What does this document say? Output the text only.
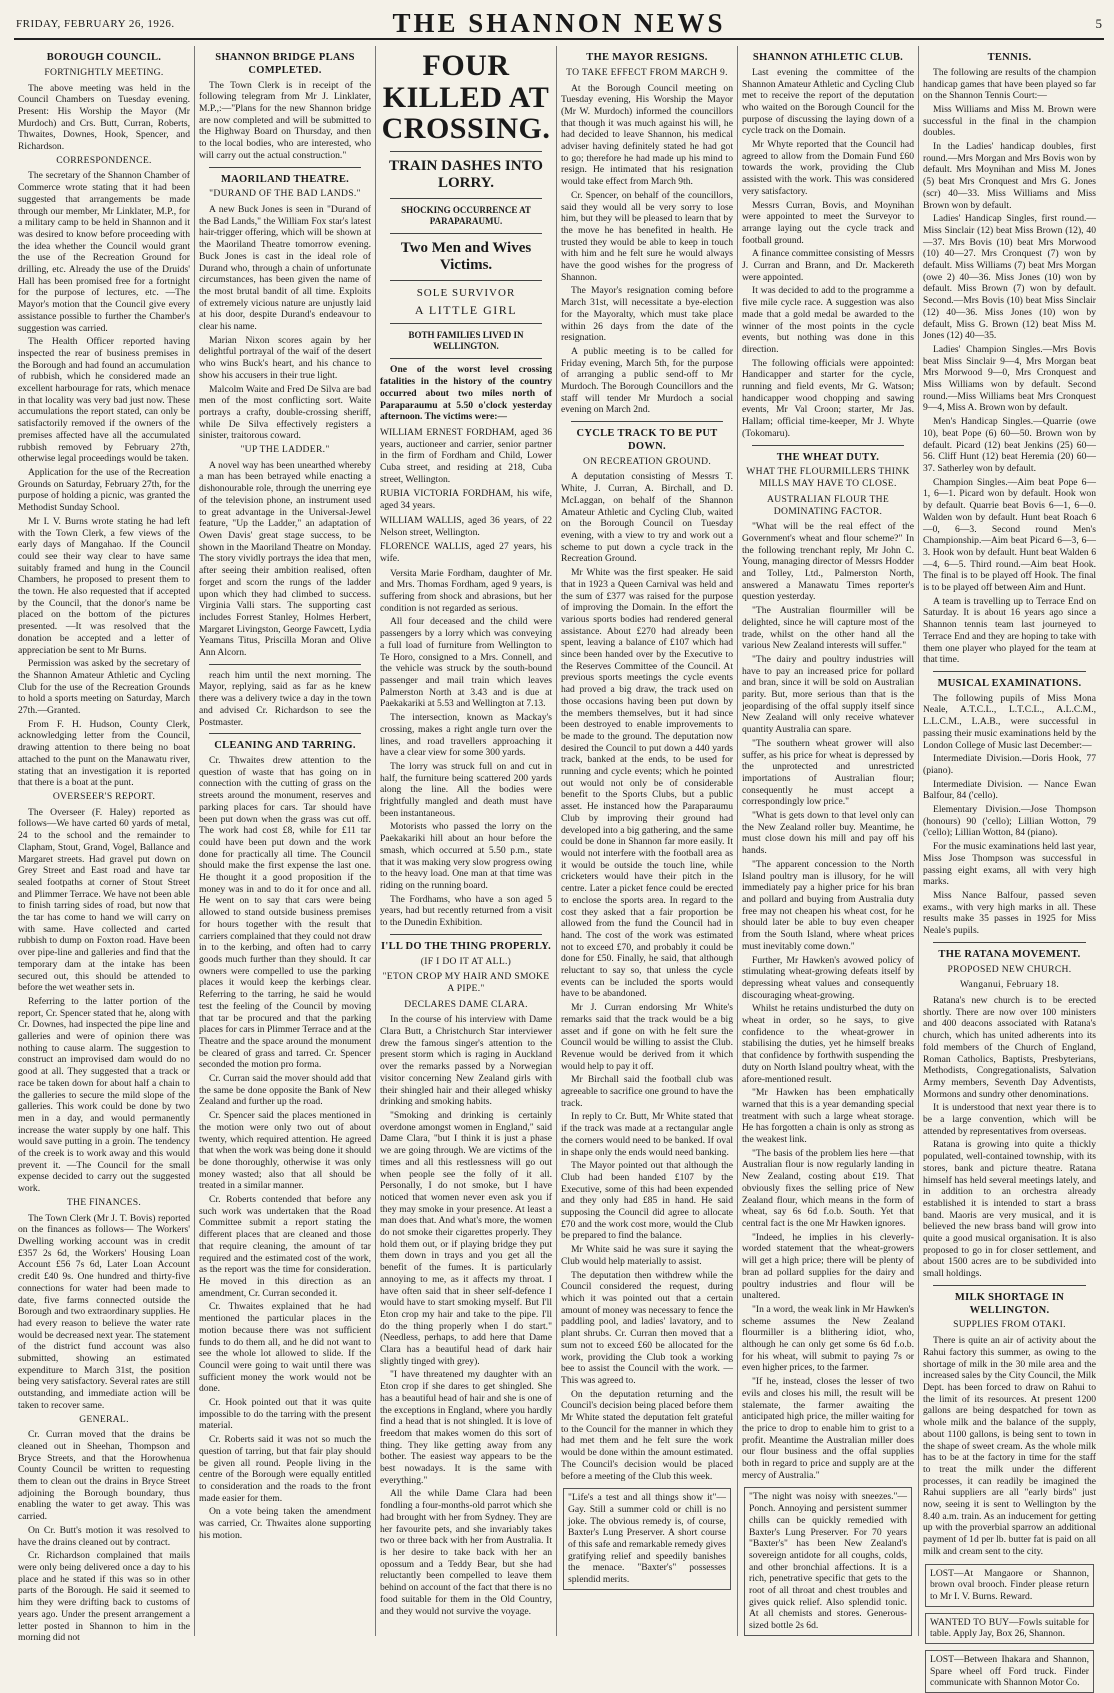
FRIDAY, FEBRUARY 26, 1926.	THE SHANNON NEWS	5
BOROUGH COUNCIL.
FORTNIGHTLY MEETING.

The above meeting was held in the Council Chambers on Tuesday evening. Present: His Worship the Mayor (Mr Murdoch) and Crs. Butt, Curran, Roberts, Thwaites, Downes, Hook, Spencer, and Richardson.

CORRESPONDENCE.

The secretary of the Shannon Chamber of Commerce wrote stating that it had been suggested that arrangements be made through our member, Mr Linklater, M.P., for a military camp to be held in Shannon and it was desired to know before proceeding with the idea whether the Council would grant the use of the Recreation Ground for drilling, etc. Already the use of the Druids' Hall has been promised free for a fortnight for the purpose of lectures, etc. —The Mayor's motion that the Council give every assistance possible to further the Chamber's suggestion was carried.

The Health Officer reported having inspected the rear of business premises in the Borough and had found an accumulation of rubbish, which he considered made an excellent harbourage for rats, which menace in that locality was very bad just now. These accumulations the report stated, can only be satisfactorily removed if the owners of the premises affected have all the accumulated rubbish removed by February 27th, otherwise legal proceedings would be taken.

Application for the use of the Recreation Grounds on Saturday, February 27th, for the purpose of holding a picnic, was granted the Methodist Sunday School.

Mr I. V. Burns wrote stating he had left with the Town Clerk, a few views of the early days of Mangahao. If the Council could see their way clear to have same suitably framed and hung in the Council Chambers, he proposed to present them to the town. He also requested that if accepted by the Council, that the donor's name be placed on the bottom of the pictures presented. —It was resolved that the donation be accepted and a letter of appreciation be sent to Mr Burns.

Permission was asked by the secretary of the Shannon Amateur Athletic and Cycling Club for the use of the Recreation Grounds to hold a sports meeting on Saturday, March 27th.—Granted.

From F. H. Hudson, County Clerk, acknowledging letter from the Council, drawing attention to there being no boat attached to the punt on the Manawatu river, stating that an investigation it is reported that there is a boat at the punt.

OVERSEER'S REPORT.

The Overseer (F. Haley) reported as follows—We have carted 60 yards of metal, 24 to the school and the remainder to Clapham, Stout, Grand, Vogel, Ballance and Margaret streets. Had gravel put down on Grey Street and East road and have tar sealed footpaths at corner of Stout Street and Plimmer Terrace. We have not been able to finish tarring sides of road, but now that the tar has come to hand we will carry on with same. Have collected and carted rubbish to dump on Foxton road. Have been over pipe-line and galleries and find that the temporary dam at the intake has been secured out, this should be attended to before the wet weather sets in.

Referring to the latter portion of the report, Cr. Spencer stated that he, along with Cr. Downes, had inspected the pipe line and galleries and were of opinion there was nothing to cause alarm. The suggestion to construct an improvised dam would do no good at all. They suggested that a track or race be taken down for about half a chain to the galleries to secure the mild slope of the galleries. This work could be done by two men in a day, and would permanently increase the water supply by one half. This would save putting in a groin. The tendency of the creek is to work away and this would prevent it. —The Council for the small expense decided to carry out the suggested work.

THE FINANCES.

The Town Clerk (Mr J. T. Bovis) reported on the finances as follows— The Workers' Dwelling working account was in credit £357 2s 6d, the Workers' Housing Loan Account £56 7s 6d, Later Loan Account credit £40 9s. One hundred and thirty-five connections for water had been made to date, five farms connected outside the Borough and two extraordinary supplies. He had every reason to believe the water rate would be decreased next year. The statement of the district fund account was also submitted, showing an estimated expenditure to March 31st, the position being very satisfactory. Several rates are still outstanding, and immediate action will be taken to recover same.

GENERAL.

Cr. Curran moved that the drains be cleaned out in Sheehan, Thompson and Bryce Streets, and that the Horowhenua County Council be written to requesting them to clean out the drains in Bryce Street adjoining the Borough boundary, thus enabling the water to get away. This was carried.

On Cr. Butt's motion it was resolved to have the drains cleaned out by contract.

Cr. Richardson complained that mails were only being delivered once a day to his place and he stated if this was so in other parts of the Borough. He said it seemed to him they were drifting back to customs of years ago. Under the present arrangement a letter posted in Shannon to him in the morning did not

SHANNON BRIDGE PLANS COMPLETED.

The Town Clerk is in receipt of the following telegram from Mr J. Linklater, M.P.,:—"Plans for the new Shannon bridge are now completed and will be submitted to the Highway Board on Thursday, and then to the local bodies, who are interested, who will carry out the actual construction."

MAORILAND THEATRE.
"DURAND OF THE BAD LANDS."

A new Buck Jones is seen in "Durand of the Bad Lands," the William Fox star's latest hair-trigger offering, which will be shown at the Maoriland Theatre tomorrow evening. Buck Jones is cast in the ideal role of Durand who, through a chain of unfortunate circumstances, has been given the name of the most brutal bandit of all time. Exploits of extremely vicious nature are unjustly laid at his door, despite Durand's endeavour to clear his name.

Marian Nixon scores again by her delightful portrayal of the waif of the desert who wins Buck's heart, and his chance to show his accusers in their true light.

Malcolm Waite and Fred De Silva are bad men of the most conflicting sort. Waite portrays a crafty, double-crossing sheriff, while De Silva effectively registers a sinister, traitorous coward.

"UP THE LADDER."

A novel way has been unearthed whereby a man has been betrayed while enacting a dishonourable role, through the unerring eye of the television phone, an instrument used to great advantage in the Universal-Jewel feature, "Up the Ladder," an adaptation of Owen Davis' great stage success, to be shown in the Maoriland Theatre on Monday. The story vividly portrays the idea that men, after seeing their ambition realised, often forget and scorn the rungs of the ladder upon which they had climbed to success. Virginia Valli stars. The supporting cast includes Forrest Stanley, Holmes Herbert, Margaret Livingston, George Fawcett, Lydia Yeamans Titus, Priscilla Moran and Olive Ann Alcorn.

reach him until the next morning. The Mayor, replying, said as far as he knew there was a delivery twice a day in the town and advised Cr. Richardson to see the Postmaster.

CLEANING AND TARRING.

Cr. Thwaites drew attention to the question of waste that has going on in connection with the cutting of grass on the streets around the monument, reserves and parking places for cars. Tar should have been put down when the grass was cut off. The work had cost £8, while for £11 tar could have been put down and the work done for practically all time. The Council should make the first expense the last one. He thought it a good proposition if the money was in and to do it for once and all. He went on to say that cars were being allowed to stand outside business premises for hours together with the result that carriers complained that they could not draw in to the kerbing, and often had to carry goods much further than they should. It car owners were compelled to use the parking places it would keep the kerbings clear. Referring to the tarring, he said he would test the feeling of the Council by moving that tar be procured and that the parking places for cars in Plimmer Terrace and at the Theatre and the space around the monument be cleared of grass and tarred. Cr. Spencer seconded the motion pro forma.

Cr. Curran said the mover should add that the same be done opposite the Bank of New Zealand and further up the road.

Cr. Spencer said the places mentioned in the motion were only two out of about twenty, which required attention. He agreed that when the work was being done it should be done thoroughly, otherwise it was only money wasted; also that all should be treated in a similar manner.

Cr. Roberts contended that before any such work was undertaken that the Road Committee submit a report stating the different places that are cleaned and those that require cleaning, the amount of tar required and the estimated cost of the work, as the report was the time for consideration. He moved in this direction as an amendment, Cr. Curran seconded it.

Cr. Thwaites explained that he had mentioned the particular places in the motion because there was not sufficient funds to do them all, and he did not want to see the whole lot allowed to slide. If the Council were going to wait until there was sufficient money the work would not be done.

Cr. Hook pointed out that it was quite impossible to do the tarring with the present material.

Cr. Roberts said it was not so much the question of tarring, but that fair play should be given all round. People living in the centre of the Borough were equally entitled to consideration and the roads to the front made easier for them.

On a vote being taken the amendment was carried, Cr. Thwaites alone supporting his motion.

FOUR KILLED AT CROSSING.
TRAIN DASHES INTO LORRY.
SHOCKING OCCURRENCE AT PARAPARAUMU.
Two Men and Wives Victims.
SOLE SURVIVOR
A LITTLE GIRL
BOTH FAMILIES LIVED IN WELLINGTON.

One of the worst level crossing fatalities in the history of the country occurred about two miles north of Paraparaumu at 5.50 o'clock yesterday afternoon. The victims were:—

WILLIAM ERNEST FORDHAM, aged 36 years, auctioneer and carrier, senior partner in the firm of Fordham and Child, Lower Cuba street, and residing at 218, Cuba street, Wellington.

RUBIA VICTORIA FORDHAM, his wife, aged 34 years.

WILLIAM WALLIS, aged 36 years, of 22 Nelson street, Wellington.

FLORENCE WALLIS, aged 27 years, his wife.

Versita Marie Fordham, daughter of Mr. and Mrs. Thomas Fordham, aged 9 years, is suffering from shock and abrasions, but her condition is not regarded as serious.

All four deceased and the child were passengers by a lorry which was conveying a full load of furniture from Wellington to Te Horo, consigned to a Mrs. Connell, and the vehicle was struck by the south-bound passenger and mail train which leaves Palmerston North at 3.43 and is due at Paekakariki at 5.53 and Wellington at 7.13.

The intersection, known as Mackay's crossing, makes a right angle turn over the lines, and road travellers approaching it have a clear view for some 300 yards.

The lorry was struck full on and cut in half, the furniture being scattered 200 yards along the line. All the bodies were frightfully mangled and death must have been instantaneous.

Motorists who passed the lorry on the Paekakariki hill about an hour before the smash, which occurred at 5.50 p.m., state that it was making very slow progress owing to the heavy load. One man at that time was riding on the running board.

The Fordhams, who have a son aged 5 years, had but recently returned from a visit to the Dunedin Exhibition.

I'LL DO THE THING PROPERLY.
(IF I DO IT AT ALL.)
"ETON CROP MY HAIR AND SMOKE A PIPE."
DECLARES DAME CLARA.

In the course of his interview with Dame Clara Butt, a Christchurch Star interviewer drew the famous singer's attention to the present storm which is raging in Auckland over the remarks passed by a Norwegian visitor concerning New Zealand girls with their shingled hair and their alleged whisky drinking and smoking habits.

"Smoking and drinking is certainly overdone amongst women in England," said Dame Clara, "but I think it is just a phase we are going through. We are victims of the times and all this restlessness will go out when people see the folly of it all. Personally, I do not smoke, but I have noticed that women never even ask you if they may smoke in your presence. At least a man does that. And what's more, the women do not smoke their cigarettes properly. They hold them out, or if playing bridge they put them down in trays and you get all the benefit of the fumes. It is particularly annoying to me, as it affects my throat. I have often said that in sheer self-defence I would have to start smoking myself. But I'll Eton crop my hair and take to the pipe. I'll do the thing properly when I do start." (Needless, perhaps, to add here that Dame Clara has a beautiful head of dark hair slightly tinged with grey).

"I have threatened my daughter with an Eton crop if she dares to get shingled. She has a beautiful head of hair and she is one of the exceptions in England, where you hardly find a head that is not shingled. It is love of freedom that makes women do this sort of thing. They like getting away from any bother. The easiest way appears to be the best nowadays. It is the same with everything."

All the while Dame Clara had been fondling a four-months-old parrot which she had brought with her from Sydney. They are her favourite pets, and she invariably takes two or three back with her from Australia. It is her desire to take back with her an opossum and a Teddy Bear, but she had reluctantly been compelled to leave them behind on account of the fact that there is no food suitable for them in the Old Country, and they would not survive the voyage.

THE MAYOR RESIGNS.
TO TAKE EFFECT FROM MARCH 9.

At the Borough Council meeting on Tuesday evening, His Worship the Mayor (Mr W. Murdoch) informed the councillors that though it was much against his will, he had decided to leave Shannon, his medical adviser having definitely stated he had got to go; therefore he had made up his mind to resign. He intimated that his resignation would take effect from March 9th.

Cr. Spencer, on behalf of the councillors, said they would all be very sorry to lose him, but they will be pleased to learn that by the move he has benefited in health. He trusted they would be able to keep in touch with him and he felt sure he would always have the good wishes for the progress of Shannon.

The Mayor's resignation coming before March 31st, will necessitate a bye-election for the Mayoralty, which must take place within 26 days from the date of the resignation.

A public meeting is to be called for Friday evening, March 5th, for the purpose of arranging a public send-off to Mr Murdoch. The Borough Councillors and the staff will tender Mr Murdoch a social evening on March 2nd.

CYCLE TRACK TO BE PUT DOWN.
ON RECREATION GROUND.

A deputation consisting of Messrs T. White, J. Curran, A. Birchall, and D. McLaggan, on behalf of the Shannon Amateur Athletic and Cycling Club, waited on the Borough Council on Tuesday evening, with a view to try and work out a scheme to put down a cycle track in the Recreation Ground.

Mr White was the first speaker. He said that in 1923 a Queen Carnival was held and the sum of £377 was raised for the purpose of improving the Domain. In the effort the various sports bodies had rendered general assistance. About £270 had already been spent, leaving a balance of £107 which had since been handed over by the Executive to the Reserves Committee of the Council. At previous sports meetings the cycle events had proved a big draw, the track used on those occasions having been put down by the members themselves, but it had since been destroyed to enable improvements to be made to the ground. The deputation now desired the Council to put down a 440 yards track, banked at the ends, to be used for running and cycle events; which he pointed out would not only be of considerable benefit to the Sports Clubs, but a public asset. He instanced how the Paraparaumu Club by improving their ground had developed into a big gathering, and the same could be done in Shannon far more easily. It would not interfere with the football area as it would be outside the touch line, while cricketers would have their pitch in the centre. Later a picket fence could be erected to enclose the sports area. In regard to the cost they asked that a fair proportion be allowed from the fund the Council had in hand. The cost of the work was estimated not to exceed £70, and probably it could be done for £50. Finally, he said, that although reluctant to say so, that unless the cycle events can be included the sports would have to be abandoned.

Mr J. Curran endorsing Mr White's remarks said that the track would be a big asset and if gone on with he felt sure the Council would be willing to assist the Club. Revenue would be derived from it which would help to pay it off.

Mr Birchall said the football club was agreeable to sacrifice one ground to have the track.

In reply to Cr. Butt, Mr White stated that if the track was made at a rectangular angle the corners would need to be banked. If oval in shape only the ends would need banking.

The Mayor pointed out that although the Club had been handed £107 by the Executive, some of this had been expended and they only had £85 in hand. He said supposing the Council did agree to allocate £70 and the work cost more, would the Club be prepared to find the balance.

Mr White said he was sure it saying the Club would help materially to assist.

The deputation then withdrew while the Council considered the request, during which it was pointed out that a certain amount of money was necessary to fence the paddling pool, and ladies' lavatory, and to plant shrubs. Cr. Curran then moved that a sum not to exceed £60 be allocated for the work, providing the Club took a working bee to assist the Council with the work. —This was agreed to.

On the deputation returning and the Council's decision being placed before them Mr White stated the deputation felt grateful to the Council for the manner in which they had met them and he felt sure the work would be done within the amount estimated. The Council's decision would be placed before a meeting of the Club this week.

"Life's a test and all things show it"—Gay. Still a summer cold or chill is no joke. The obvious remedy is, of course, Baxter's Lung Preserver. A short course of this safe and remarkable remedy gives gratifying relief and speedily banishes the menace. "Baxter's" possesses splendid merits.
SHANNON ATHLETIC CLUB.

Last evening the committee of the Shannon Amateur Athletic and Cycling Club met to receive the report of the deputation who waited on the Borough Council for the purpose of discussing the laying down of a cycle track on the Domain.

Mr Whyte reported that the Council had agreed to allow from the Domain Fund £60 towards the work, providing the Club assisted with the work. This was considered very satisfactory.

Messrs Curran, Bovis, and Moynihan were appointed to meet the Surveyor to arrange laying out the cycle track and football ground.

A finance committee consisting of Messrs J. Curran and Brann, and Dr. Mackereth were appointed.

It was decided to add to the programme a five mile cycle race. A suggestion was also made that a gold medal be awarded to the winner of the most points in the cycle events, but nothing was done in this direction.

The following officials were appointed: Handicapper and starter for the cycle, running and field events, Mr G. Watson; handicapper wood chopping and sawing events, Mr Val Croon; starter, Mr Jas. Hallam; official time-keeper, Mr J. Whyte (Tokomaru).

THE WHEAT DUTY.
WHAT THE FLOURMILLERS THINK MILLS MAY HAVE TO CLOSE.
AUSTRALIAN FLOUR THE DOMINATING FACTOR.

"What will be the real effect of the Government's wheat and flour scheme?" In the following trenchant reply, Mr John C. Young, managing director of Messrs Hodder and Tolley, Ltd., Palmerston North, answered a Manawatu Times reporter's question yesterday.

"The Australian flourmiller will be delighted, since he will capture most of the trade, whilst on the other hand all the various New Zealand interests will suffer."

"The dairy and poultry industries will have to pay an increased price for pollard and bran, since it will be sold on Australian parity. But, more serious than that is the jeopardising of the offal supply itself since New Zealand will only receive whatever quantity Australia can spare.

"The southern wheat grower will also suffer, as his price for wheat is depressed by the unprotected and unrestricted importations of Australian flour; consequently he must accept a correspondingly low price."

"What is gets down to that level only can the New Zealand roller buy. Meantime, he must close down his mill and pay off his hands.

"The apparent concession to the North Island poultry man is illusory, for he will immediately pay a higher price for his bran and pollard and buying from Australia duty free may not cheapen his wheat cost, for he should later be able to buy even cheaper from the South Island, where wheat prices must inevitably come down."

Further, Mr Hawken's avowed policy of stimulating wheat-growing defeats itself by depressing wheat values and consequently discouraging wheat-growing.

Whilst he retains undisturbed the duty on wheat in order, so he says, to give confidence to the wheat-grower in stabilising the duties, yet he himself breaks that confidence by forthwith suspending the duty on North Island poultry wheat, with the afore-mentioned result.

"Mr Hawken has been emphatically warned that this is a year demanding special treatment with such a large wheat storage. He has forgotten a chain is only as strong as the weakest link.

"The basis of the problem lies here —that Australian flour is now regularly landing in New Zealand, costing about £19. That obviously fixes the selling price of New Zealand flour, which means in the form of wheat, say 6s 6d f.o.b. South. Yet that central fact is the one Mr Hawken ignores.

"Indeed, he implies in his cleverly-worded statement that the wheat-growers will get a high price; there will be plenty of bran ad pollard supplies for the dairy and poultry industries and flour will be unaltered.

"In a word, the weak link in Mr Hawken's scheme assumes the New Zealand flourmiller is a blithering idiot, who, although he can only get some 6s 6d f.o.b. for his wheat, will submit to paying 7s or even higher prices, to the farmer.

"If he, instead, closes the lesser of two evils and closes his mill, the result will be stalemate, the farmer awaiting the anticipated high price, the miller waiting for the price to drop to enable him to grist to a profit. Meantime the Australian miller does our flour business and the offal supplies both in regard to price and supply are at the mercy of Australia."

"The night was noisy with sneezes."—Ponch. Annoying and persistent summer chills can be quickly remedied with Baxter's Lung Preserver. For 70 years "Baxter's" has been New Zealand's sovereign antidote for all coughs, colds, and other bronchial affections. It is a rich, penetrative specific that gets to the root of all throat and chest troubles and gives quick relief. Also splendid tonic. At all chemists and stores. Generous-sized bottle 2s 6d.
TENNIS.

The following are results of the champion handicap games that have been played so far on the Shannon Tennis Court:—

Miss Williams and Miss M. Brown were successful in the final in the champion doubles.

In the Ladies' handicap doubles, first round.—Mrs Morgan and Mrs Bovis won by default. Mrs Moynihan and Miss M. Jones (5) beat Mrs Cronquest and Mrs G. Jones (scr) 40—33. Miss Williams and Miss Brown won by default.

Ladies' Handicap Singles, first round.—Miss Sinclair (12) beat Miss Brown (12), 40—37. Mrs Bovis (10) beat Mrs Morwood (10) 40—27. Mrs Cronquest (7) won by default. Miss Williams (7) beat Mrs Morgan (owe 2) 40—36. Miss Jones (10) won by default. Miss Brown (7) won by default. Second.—Mrs Bovis (10) beat Miss Sinclair (12) 40—36. Miss Jones (10) won by default, Miss G. Brown (12) beat Miss M. Jones (12) 40—35.

Ladies' Champion Singles.—Mrs Bovis beat Miss Sinclair 9—4, Mrs Morgan beat Mrs Morwood 9—0, Mrs Cronquest and Miss Williams won by default. Second round.—Miss Williams beat Mrs Cronquest 9—4, Miss A. Brown won by default.

Men's Handicap Singles.—Quarrie (owe 10), beat Pope (6) 60—50. Brown won by default. Picard (12) beat Jenkins (25) 60—56. Cliff Hunt (12) beat Heremia (20) 60—37. Satherley won by default.

Champion Singles.—Aim beat Pope 6—1, 6—1. Picard won by default. Hook won by default. Quarrie beat Bovis 6—1, 6—0. Walden won by default. Hunt beat Roach 6—0, 6—3. Second round Men's Championship.—Aim beat Picard 6—3, 6—3. Hook won by default. Hunt beat Walden 6—4, 6—5. Third round.—Aim beat Hook. The final is to be played off Hook. The final is to be played off between Aim and Hunt.

A team is travelling up to Terrace End on Saturday. It is about 16 years ago since a Shannon tennis team last journeyed to Terrace End and they are hoping to take with them one player who played for the team at that time.

MUSICAL EXAMINATIONS.

The following pupils of Miss Mona Neale, A.T.C.L., L.T.C.L., A.L.C.M., L.L.C.M., L.A.B., were successful in passing their music examinations held by the London College of Music last December:—

Intermediate Division.—Doris Hook, 77 (piano).

Intermediate Division. — Nance Ewan Balfour, 84 ('cello).

Elementary Division.—Jose Thompson (honours) 90 ('cello); Lillian Wotton, 79 ('cello); Lillian Wotton, 84 (piano).

For the music examinations held last year, Miss Jose Thompson was successful in passing eight exams, all with very high marks.

Miss Nance Balfour, passed seven exams., with very high marks in all. These results make 35 passes in 1925 for Miss Neale's pupils.

THE RATANA MOVEMENT.
PROPOSED NEW CHURCH.
Wanganui, February 18.

Ratana's new church is to be erected shortly. There are now over 100 ministers and 400 deacons associated with Ratana's church, which has united adherents into its fold members of the Church of England, Roman Catholics, Baptists, Presbyterians, Methodists, Congregationalists, Salvation Army members, Seventh Day Adventists, Mormons and sundry other denominations.

It is understood that next year there is to be a large convention, which will be attended by representatives from overseas.

Ratana is growing into quite a thickly populated, well-contained township, with its stores, bank and picture theatre. Ratana himself has held several meetings lately, and in addition to an orchestra already established it is intended to start a brass band. Maoris are very musical, and it is believed the new brass band will grow into quite a good musical organisation. It is also proposed to go in for closer settlement, and about 1500 acres are to be subdivided into small holdings.

MILK SHORTAGE IN WELLINGTON.
SUPPLIES FROM OTAKI.

There is quite an air of activity about the Rahui factory this summer, as owing to the shortage of milk in the 30 mile area and the increased sales by the City Council, the Milk Dept. has been forced to draw on Rahui to the limit of its resources. At present 1200 gallons are being despatched for town as whole milk and the balance of the supply, about 1100 gallons, is being sent to town in the shape of sweet cream. As the whole milk has to be at the factory in time for the staff to treat the milk under the different processes, it can readily be imagined the Rahui suppliers are all "early birds" just now, seeing it is sent to Wellington by the 8.40 a.m. train. As an inducement for getting up with the proverbial sparrow an additional payment of 1d per lb. butter fat is paid on all milk and cream sent to the city.

LOST—At Mangaore or Shannon, brown oval brooch. Finder please return to Mr I. V. Burns. Reward.
WANTED TO BUY—Fowls suitable for table. Apply Jay, Box 26, Shannon.
LOST—Between Ihakara and Shannon, Spare wheel off Ford truck. Finder communicate with Shannon Motor Co.
